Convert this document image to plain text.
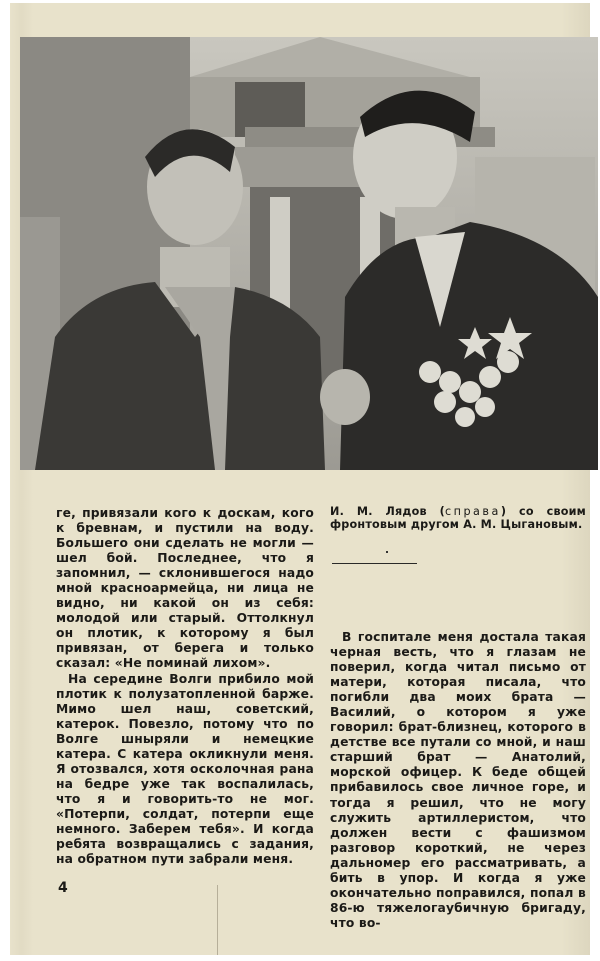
ге, привязали кого к доскам, кого к бревнам, и пустили на воду. Большего они сделать не могли — шел бой. Последнее, что я запомнил, — склонившегося надо мной красноармейца, ни лица не видно, ни какой он из себя: молодой или старый. Оттолкнул он плотик, к которому я был привязан, от берега и только сказал: «Не поминай лихом».

На середине Волги прибило мой плотик к полузатопленной барже. Мимо шел наш, советский, катерок. Повезло, потому что по Волге шныряли и немецкие катера. С катера окликнули меня. Я отозвался, хотя осколочная рана на бедре уже так воспалилась, что я и говорить-то не мог. «Потерпи, солдат, потерпи еще немного. Заберем тебя». И когда ребята возвращались с задания, на обратном пути забрали меня.

И. М. Лядов (справа) со своим фронтовым другом А. М. Цыгановым.

В госпитале меня достала такая черная весть, что я глазам не поверил, когда читал письмо от матери, которая писала, что погибли два моих брата — Василий, о котором я уже говорил: брат-близнец, которого в детстве все путали со мной, и наш старший брат — Анатолий, морской офицер. К беде общей прибавилось свое личное горе, и тогда я решил, что не могу служить артиллеристом, что должен вести с фашизмом разговор короткий, не через дальномер его рассматривать, а бить в упор. И когда я уже окончательно поправился, попал в 86-ю тяжелогаубичную бригаду, что во-

4
